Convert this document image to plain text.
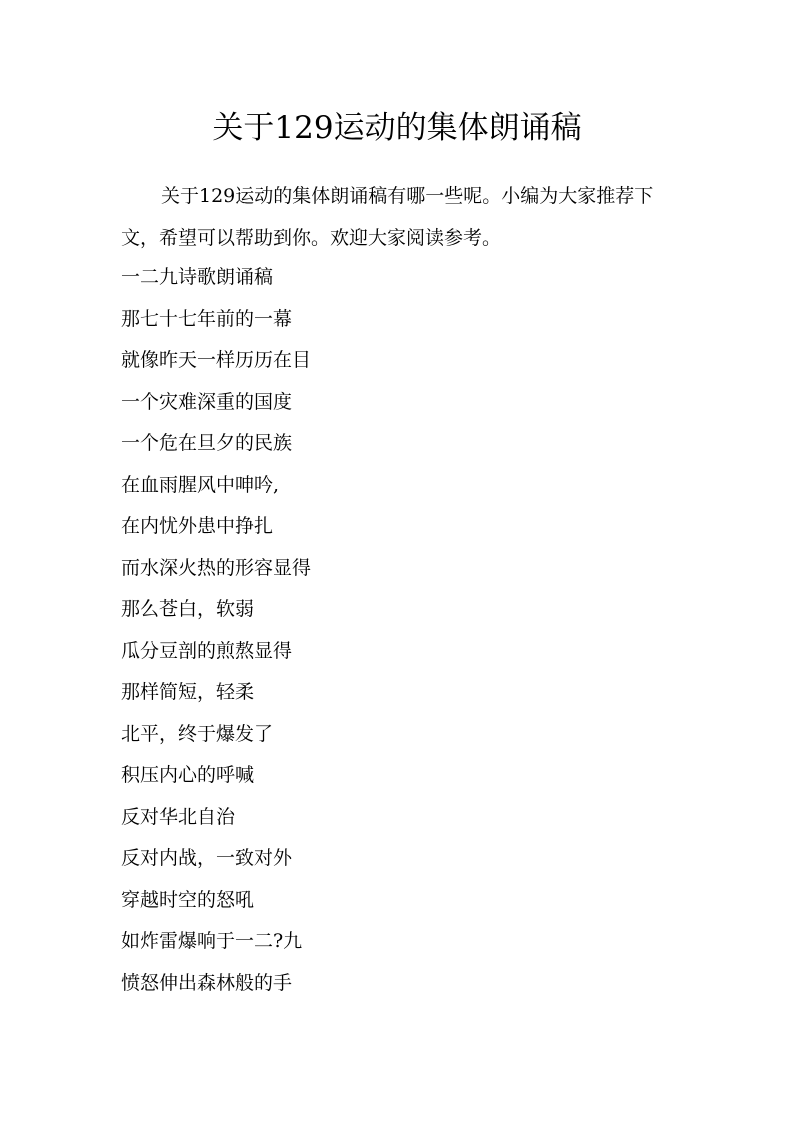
关于129运动的集体朗诵稿

关于129运动的集体朗诵稿有哪一些呢。小编为大家推荐下文，希望可以帮助到你。欢迎大家阅读参考。

一二九诗歌朗诵稿
那七十七年前的一幕
就像昨天一样历历在目
一个灾难深重的国度
一个危在旦夕的民族
在血雨腥风中呻吟,
在内忧外患中挣扎
而水深火热的形容显得
那么苍白，软弱
瓜分豆剖的煎熬显得
那样简短，轻柔
北平，终于爆发了
积压内心的呼喊
反对华北自治
反对内战，一致对外
穿越时空的怒吼
如炸雷爆响于一二?九
愤怒伸出森林般的手
